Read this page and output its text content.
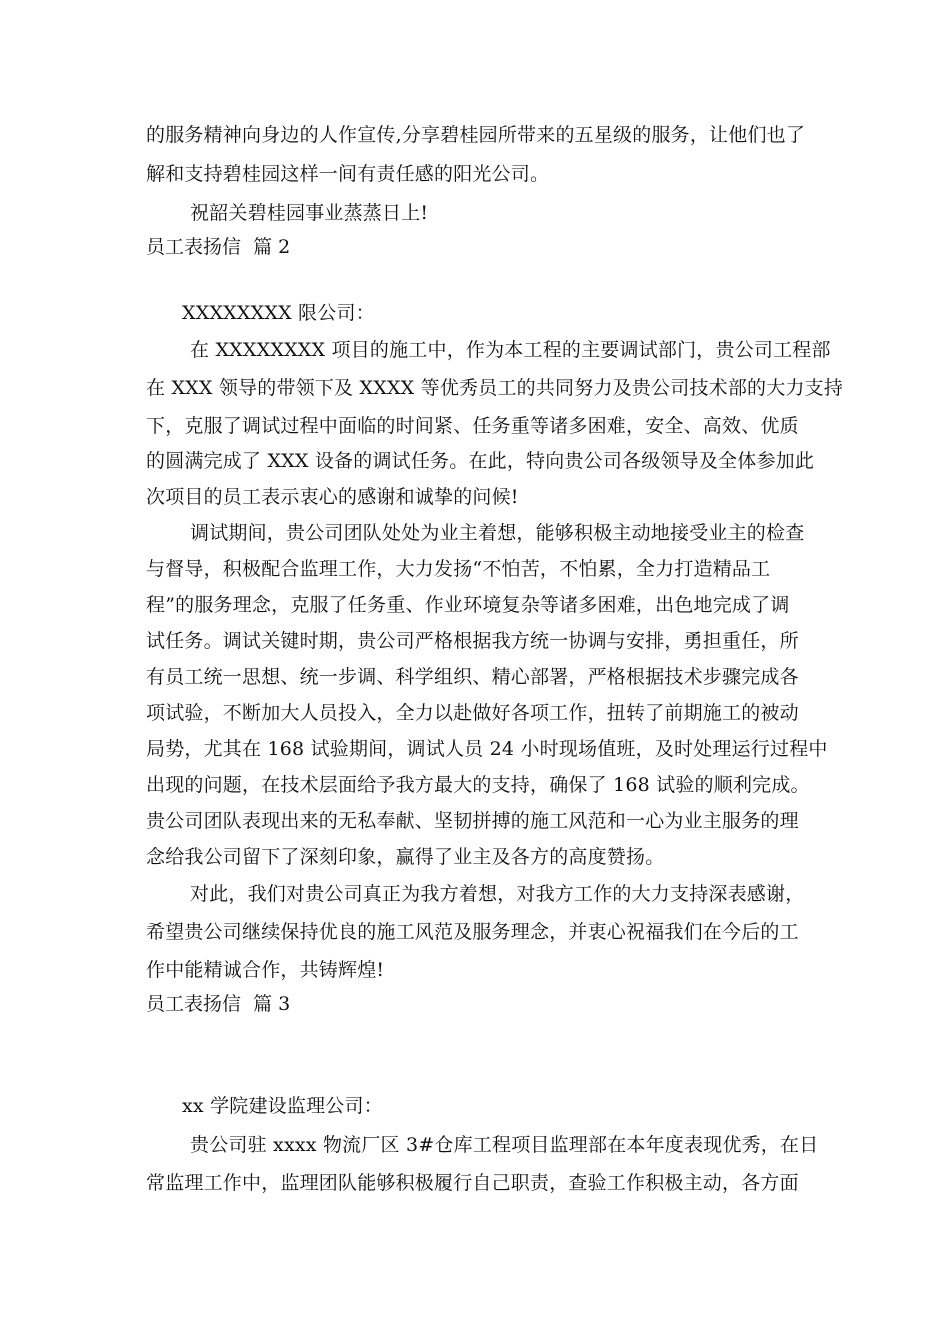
的服务精神向身边的人作宣传,分享碧桂园所带来的五星级的服务，让他们也了
解和支持碧桂园这样一间有责任感的阳光公司。
祝韶关碧桂园事业蒸蒸日上!
员工表扬信  篇 2
XXXXXXXX 限公司：
在 XXXXXXXX 项目的施工中，作为本工程的主要调试部门，贵公司工程部
在 XXX 领导的带领下及 XXXX 等优秀员工的共同努力及贵公司技术部的大力支持
下，克服了调试过程中面临的时间紧、任务重等诸多困难，安全、高效、优质
的圆满完成了 XXX 设备的调试任务。在此，特向贵公司各级领导及全体参加此
次项目的员工表示衷心的感谢和诚挚的问候!
调试期间，贵公司团队处处为业主着想，能够积极主动地接受业主的检查
与督导，积极配合监理工作，大力发扬“不怕苦，不怕累，全力打造精品工
程”的服务理念，克服了任务重、作业环境复杂等诸多困难，出色地完成了调
试任务。调试关键时期，贵公司严格根据我方统一协调与安排，勇担重任，所
有员工统一思想、统一步调、科学组织、精心部署，严格根据技术步骤完成各
项试验，不断加大人员投入，全力以赴做好各项工作，扭转了前期施工的被动
局势，尤其在 168 试验期间，调试人员 24 小时现场值班，及时处理运行过程中
出现的问题，在技术层面给予我方最大的支持，确保了 168 试验的顺利完成。
贵公司团队表现出来的无私奉献、坚韧拼搏的施工风范和一心为业主服务的理
念给我公司留下了深刻印象，赢得了业主及各方的高度赞扬。
对此，我们对贵公司真正为我方着想，对我方工作的大力支持深表感谢，
希望贵公司继续保持优良的施工风范及服务理念，并衷心祝福我们在今后的工
作中能精诚合作，共铸辉煌!
员工表扬信  篇 3
xx 学院建设监理公司：
贵公司驻 xxxx 物流厂区 3#仓库工程项目监理部在本年度表现优秀，在日
常监理工作中，监理团队能够积极履行自己职责，查验工作积极主动，各方面
